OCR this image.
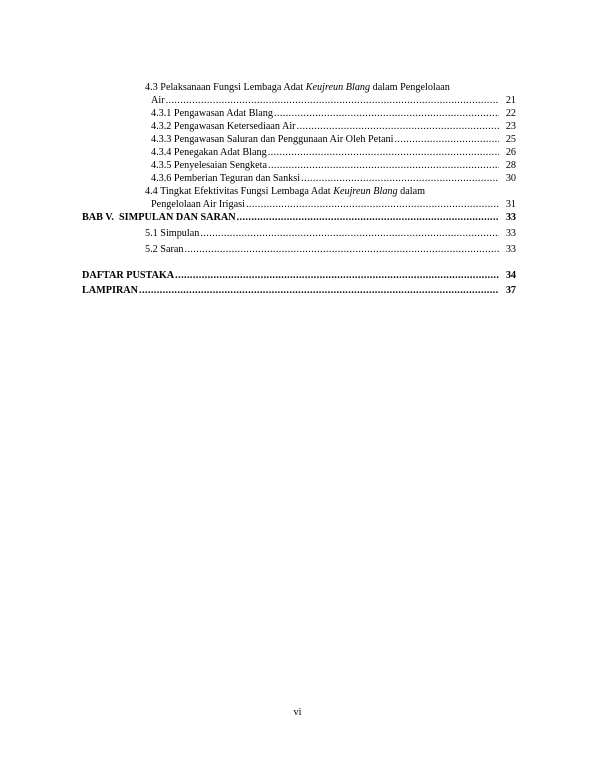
4.3 Pelaksanaan Fungsi Lembaga Adat Keujreun Blang dalam Pengelolaan
Air .....	21
4.3.1 Pengawasan Adat Blang .....	22
4.3.2 Pengawasan Ketersediaan Air .....	23
4.3.3 Pengawasan Saluran dan Penggunaan Air Oleh Petani .....	25
4.3.4 Penegakan Adat Blang .....	26
4.3.5 Penyelesaian Sengketa .....	28
4.3.6 Pemberian Teguran dan Sanksi .....	30
4.4 Tingkat Efektivitas Fungsi Lembaga Adat Keujreun Blang dalam
Pengelolaan Air Irigasi .....	31
BAB V.  SIMPULAN DAN SARAN .....	33
5.1 Simpulan .....	33
5.2 Saran .....	33
DAFTAR PUSTAKA .....	34
LAMPIRAN .....	37
vi
